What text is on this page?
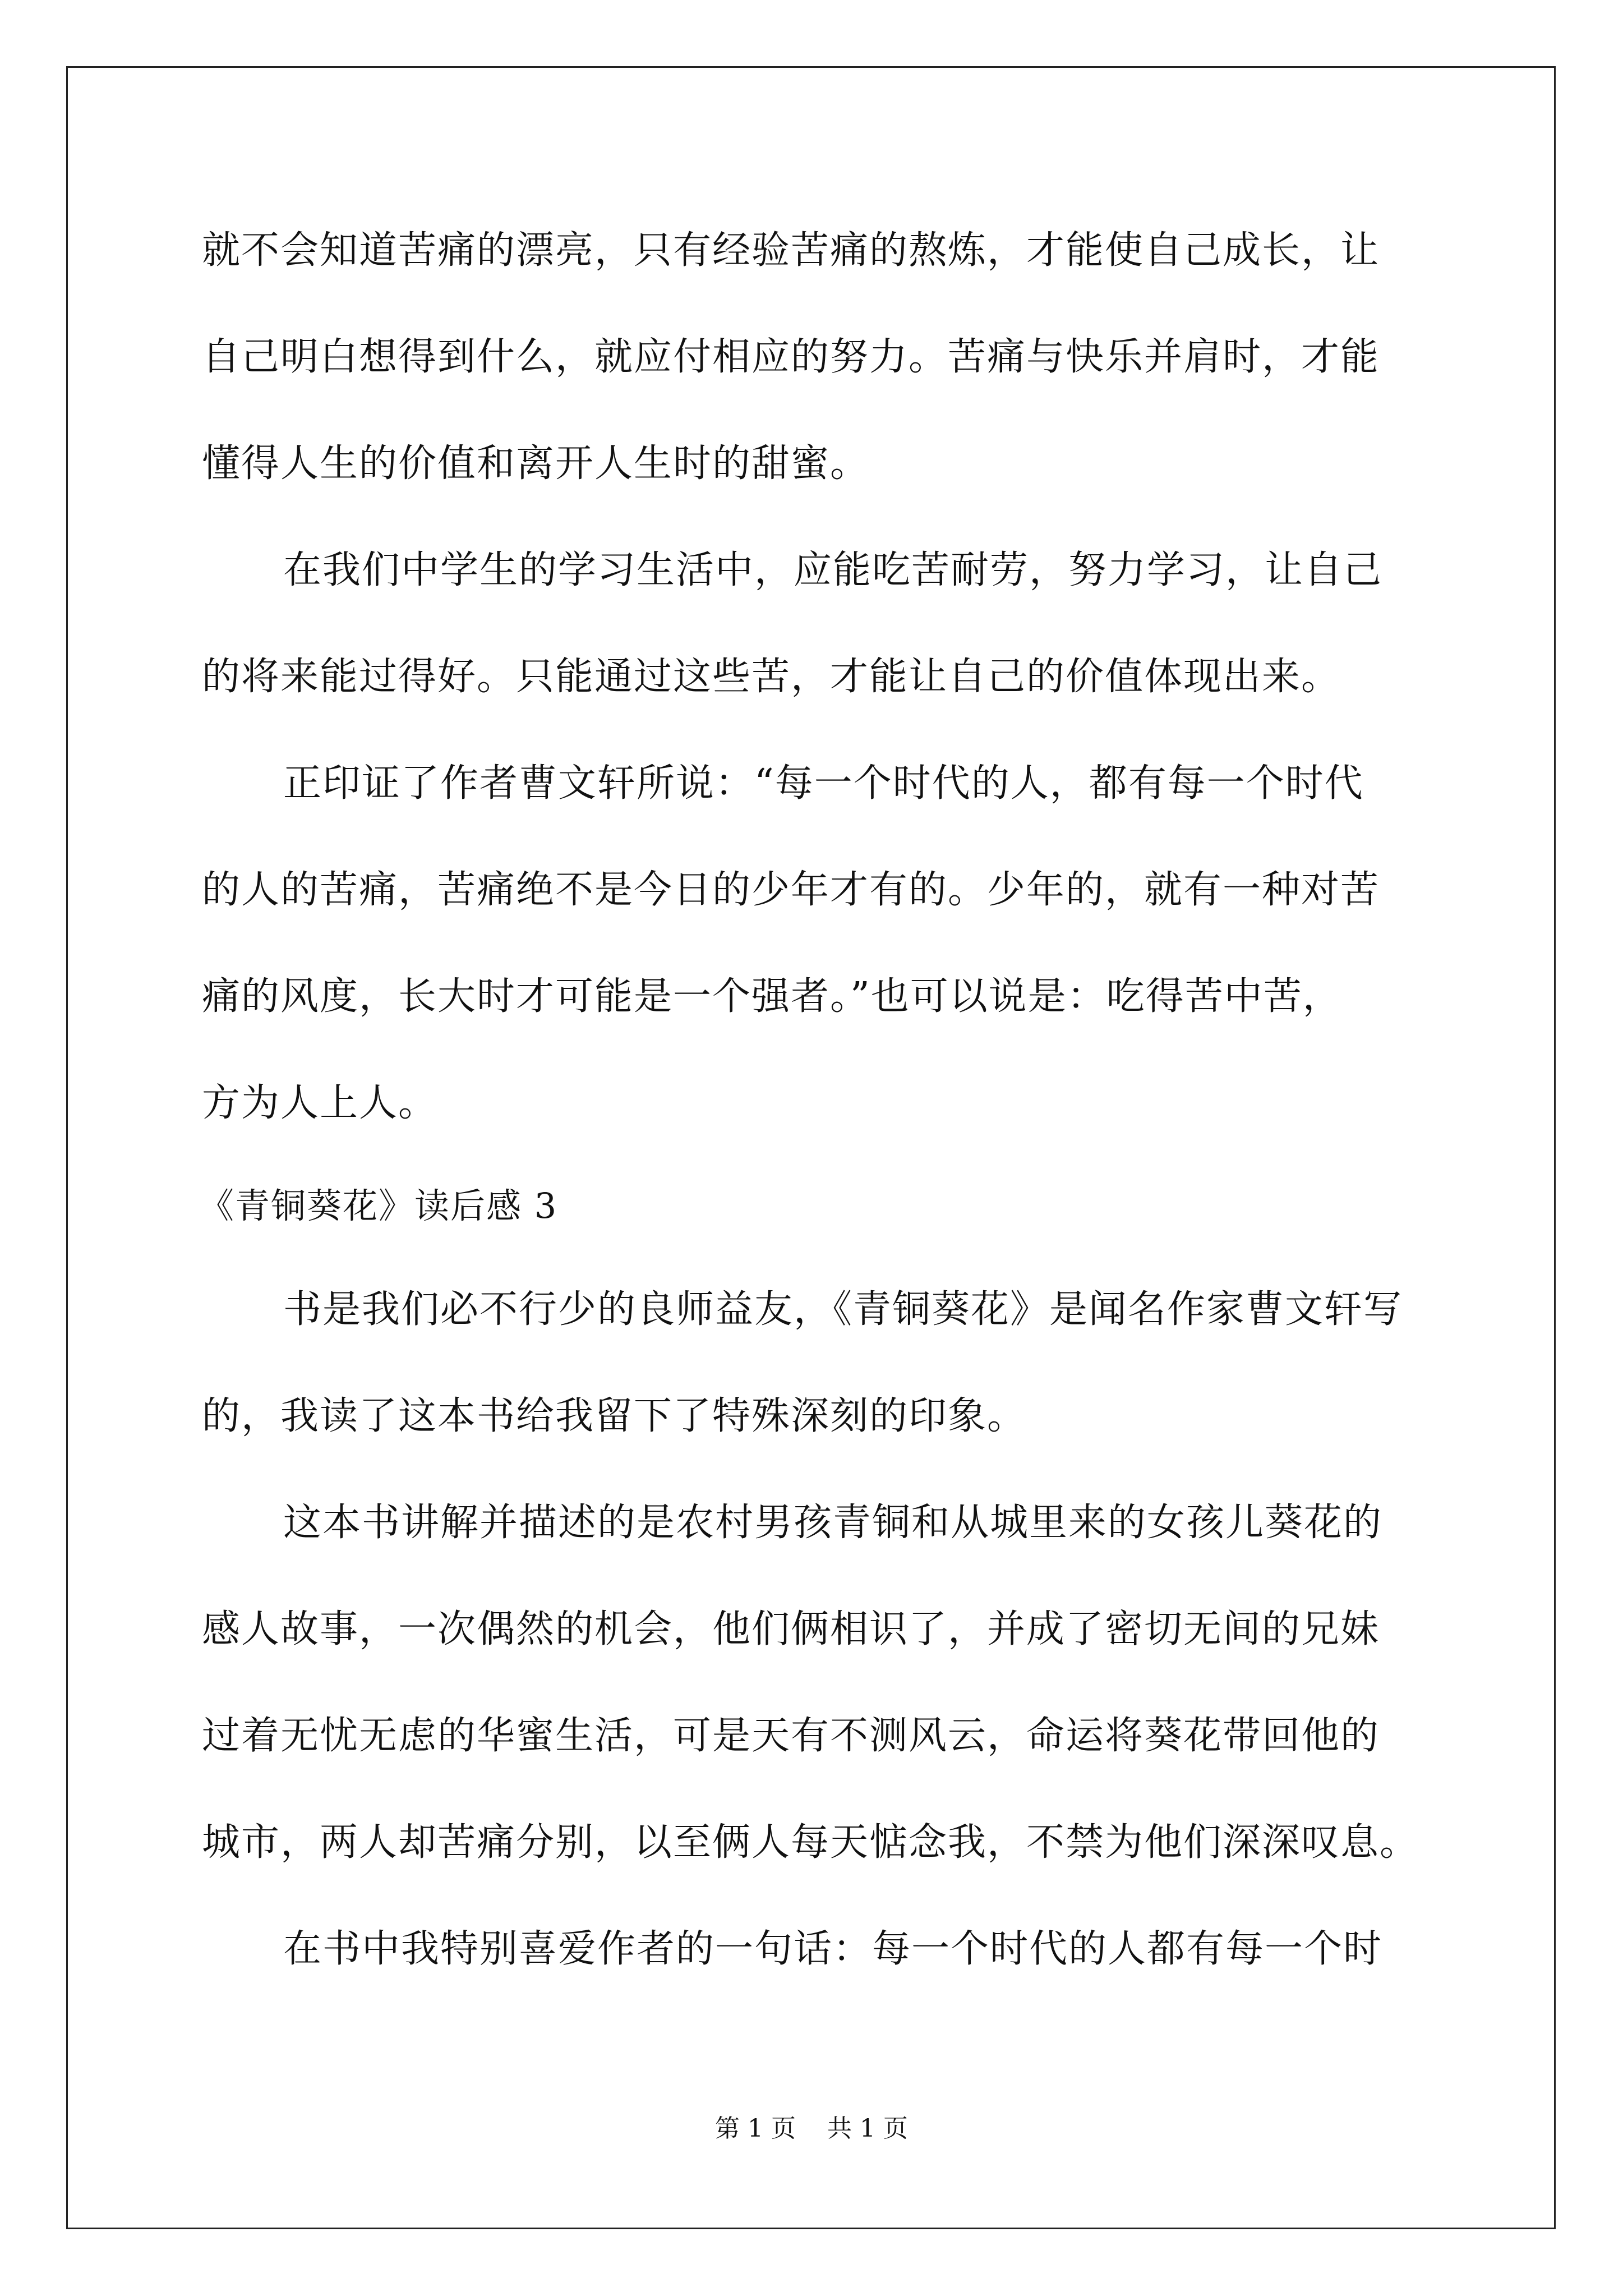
就不会知道苦痛的漂亮，只有经验苦痛的熬炼，才能使自己成长，让
自己明白想得到什么，就应付相应的努力。苦痛与快乐并肩时，才能
懂得人生的价值和离开人生时的甜蜜。
在我们中学生的学习生活中，应能吃苦耐劳，努力学习，让自己
的将来能过得好。只能通过这些苦，才能让自己的价值体现出来。
正印证了作者曹文轩所说：“每一个时代的人，都有每一个时代
的人的苦痛，苦痛绝不是今日的少年才有的。少年的，就有一种对苦
痛的风度，长大时才可能是一个强者。”也可以说是：吃得苦中苦，
方为人上人。
《青铜葵花》读后感 3
书是我们必不行少的良师益友，《青铜葵花》是闻名作家曹文轩写
的，我读了这本书给我留下了特殊深刻的印象。
这本书讲解并描述的是农村男孩青铜和从城里来的女孩儿葵花的
感人故事，一次偶然的机会，他们俩相识了，并成了密切无间的兄妹
过着无忧无虑的华蜜生活，可是天有不测风云，命运将葵花带回他的
城市，两人却苦痛分别，以至俩人每天惦念我，不禁为他们深深叹息。
在书中我特别喜爱作者的一句话：每一个时代的人都有每一个时
第 1 页    共 1 页
